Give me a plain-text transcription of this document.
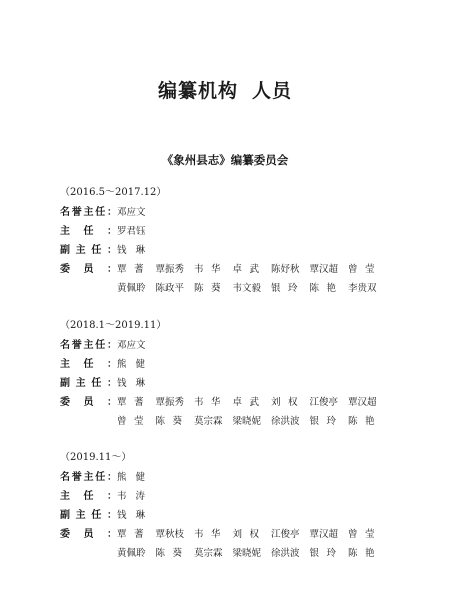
编纂机构 人员
《象州县志》编纂委员会
（2016.5～2017.12）
名 誉 主 任 ： 邓应文
主 任 ： 罗君钰
副 主 任 ： 钱 琳
委 员 ： 覃 蓍 覃振秀	韦 华 卓 武 陈妤秋	覃汉超	曾 莹
黄佩聆	陈政平	陈 葵 韦文毅	银 玲 陈 艳 李贵双
（2018.1～2019.11）
名 誉 主 任 ： 邓应文
主 任 ： 熊 健
副 主 任 ： 钱 琳
委 员 ： 覃 蓍 覃振秀	韦 华 卓 武 刘 权 江俊亭	覃汉超
曾 莹 陈 葵 莫宗霖	梁晓妮	徐洪波	银 玲 陈 艳
（2019.11～）
名 誉 主 任 ： 熊 健
主 任 ： 韦 涛
副 主 任 ： 钱 琳
委 员 ： 覃 蓍 覃秋枝	韦 华 刘 权 江俊亭	覃汉超	曾 莹
黄佩聆	陈 葵 莫宗霖	梁晓妮	徐洪波	银 玲 陈 艳
